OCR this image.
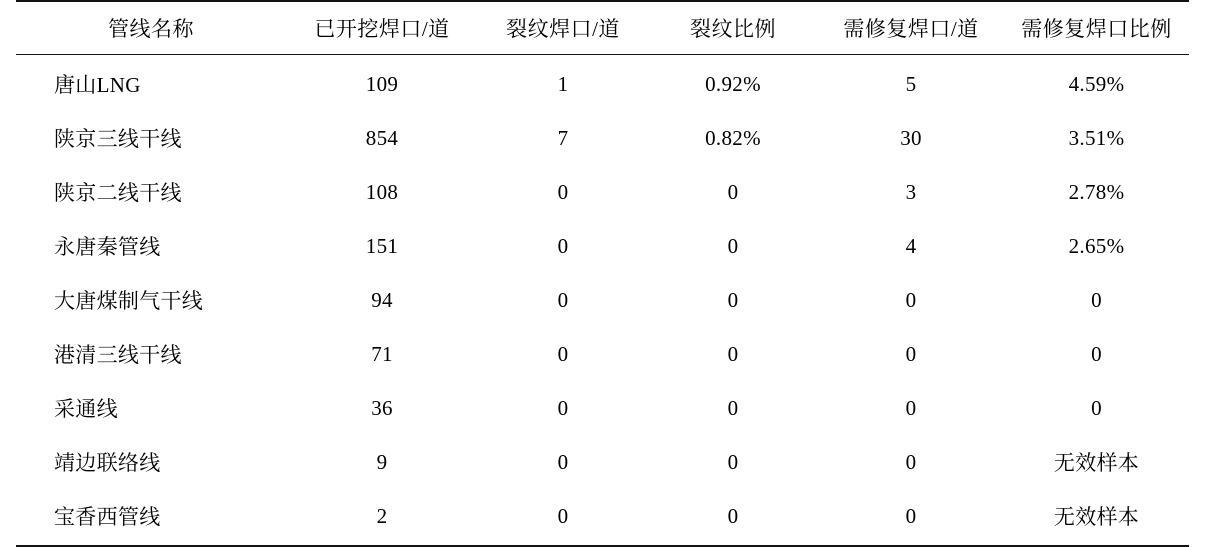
管线名称	已开挖焊口/道	裂纹焊口/道	裂纹比例	需修复焊口/道	需修复焊口比例
唐山LNG	109	1	0.92%	5	4.59%
陕京三线干线	854	7	0.82%	30	3.51%
陕京二线干线	108	0	0	3	2.78%
永唐秦管线	151	0	0	4	2.65%
大唐煤制气干线	94	0	0	0	0
港清三线干线	71	0	0	0	0
采通线	36	0	0	0	0
靖边联络线	9	0	0	0	无效样本
宝香西管线	2	0	0	0	无效样本
